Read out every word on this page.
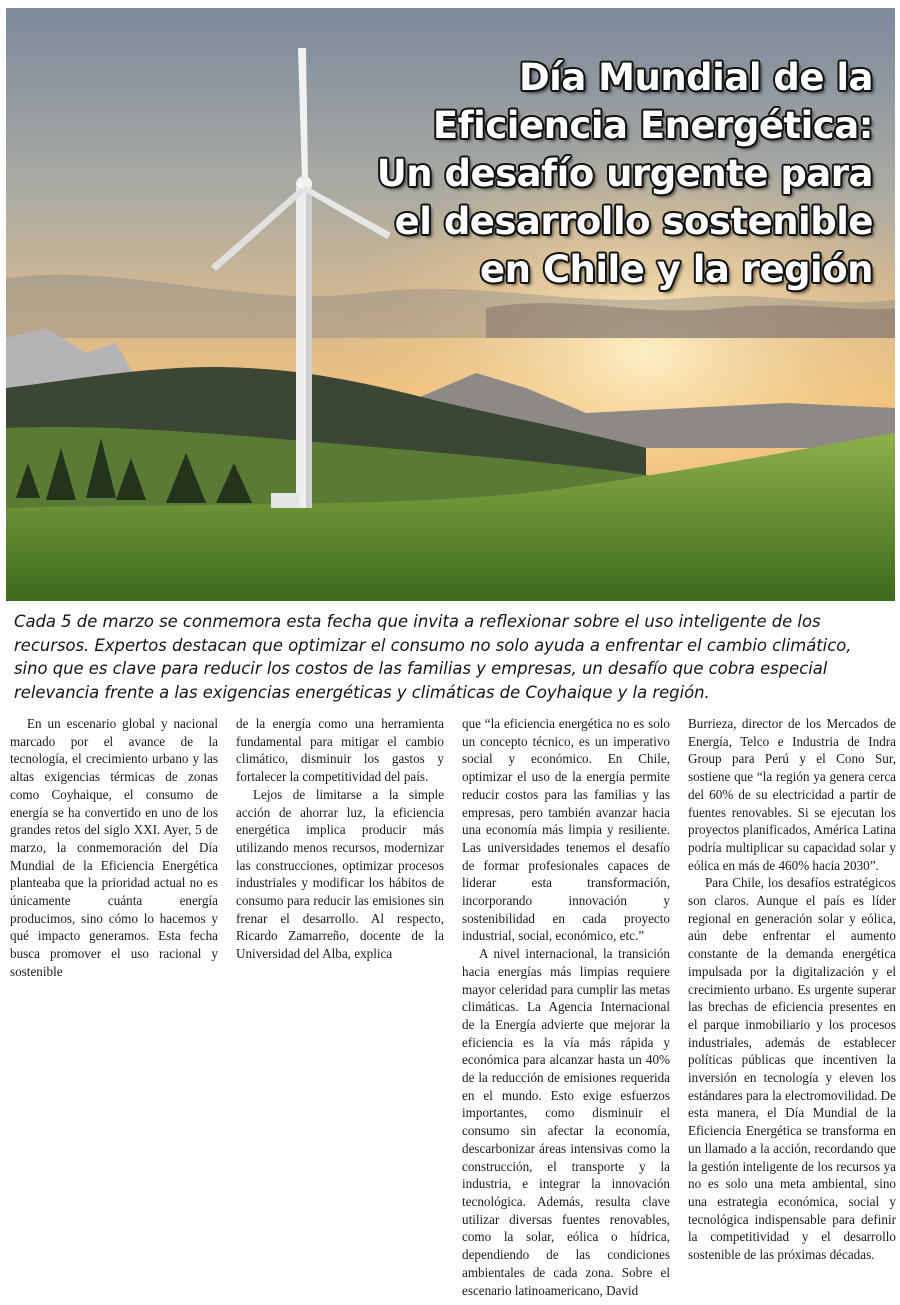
Día Mundial de la
Eficiencia Energética:
Un desafío urgente para
el desarrollo sostenible
en Chile y la región
Cada 5 de marzo se conmemora esta fecha que invita a reflexionar sobre el uso inteligente de los recursos. Expertos destacan que optimizar el consumo no solo ayuda a enfrentar el cambio climático, sino que es clave para reducir los costos de las familias y empresas, un desafío que cobra especial relevancia frente a las exigencias energéticas y climáticas de Coyhaique y la región.

En un escenario global y nacional marcado por el avance de la tecnología, el crecimiento urbano y las altas exigencias térmicas de zonas como Coyhaique, el consumo de energía se ha convertido en uno de los grandes retos del siglo XXI. Ayer, 5 de marzo, la conmemoración del Día Mundial de la Eficiencia Energética planteaba que la prioridad actual no es únicamente cuánta energía producimos, sino cómo lo hacemos y qué impacto generamos. Esta fecha busca promover el uso racional y sostenible

de la energía como una herramienta fundamental para mitigar el cambio climático, disminuir los gastos y fortalecer la competitividad del país.

Lejos de limitarse a la simple acción de ahorrar luz, la eficiencia energética implica producir más utilizando menos recursos, modernizar las construcciones, optimizar procesos industriales y modificar los hábitos de consumo para reducir las emisiones sin frenar el desarrollo. Al respecto, Ricardo Zamarreño, docente de la Universidad del Alba, explica

que “la eficiencia energética no es solo un concepto técnico, es un imperativo social y económico. En Chile, optimizar el uso de la energía permite reducir costos para las familias y las empresas, pero también avanzar hacia una economía más limpia y resiliente. Las universidades tenemos el desafío de formar profesionales capaces de liderar esta transformación, incorporando innovación y sostenibilidad en cada proyecto industrial, social, económico, etc.”

A nivel internacional, la transición hacia energías más limpias requiere mayor celeridad para cumplir las metas climáticas. La Agencia Internacional de la Energía advierte que mejorar la eficiencia es la vía más rápida y económica para alcanzar hasta un 40% de la reducción de emisiones requerida en el mundo. Esto exige esfuerzos importantes, como disminuir el consumo sin afectar la economía, descarbonizar áreas intensivas como la construcción, el transporte y la industria, e integrar la innovación tecnológica. Además, resulta clave utilizar diversas fuentes renovables, como la solar, eólica o hídrica, dependiendo de las condiciones ambientales de cada zona. Sobre el escenario latinoamericano, David

Burrieza, director de los Mercados de Energía, Telco e Industria de Indra Group para Perú y el Cono Sur, sostiene que “la región ya genera cerca del 60% de su electricidad a partir de fuentes renovables. Si se ejecutan los proyectos planificados, América Latina podría multiplicar su capacidad solar y eólica en más de 460% hacia 2030”.

Para Chile, los desafíos estratégicos son claros. Aunque el país es líder regional en generación solar y eólica, aún debe enfrentar el aumento constante de la demanda energética impulsada por la digitalización y el crecimiento urbano. Es urgente superar las brechas de eficiencia presentes en el parque inmobiliario y los procesos industriales, además de establecer políticas públicas que incentiven la inversión en tecnología y eleven los estándares para la electromovilidad. De esta manera, el Día Mundial de la Eficiencia Energética se transforma en un llamado a la acción, recordando que la gestión inteligente de los recursos ya no es solo una meta ambiental, sino una estrategia económica, social y tecnológica indispensable para definir la competitividad y el desarrollo sostenible de las próximas décadas.
